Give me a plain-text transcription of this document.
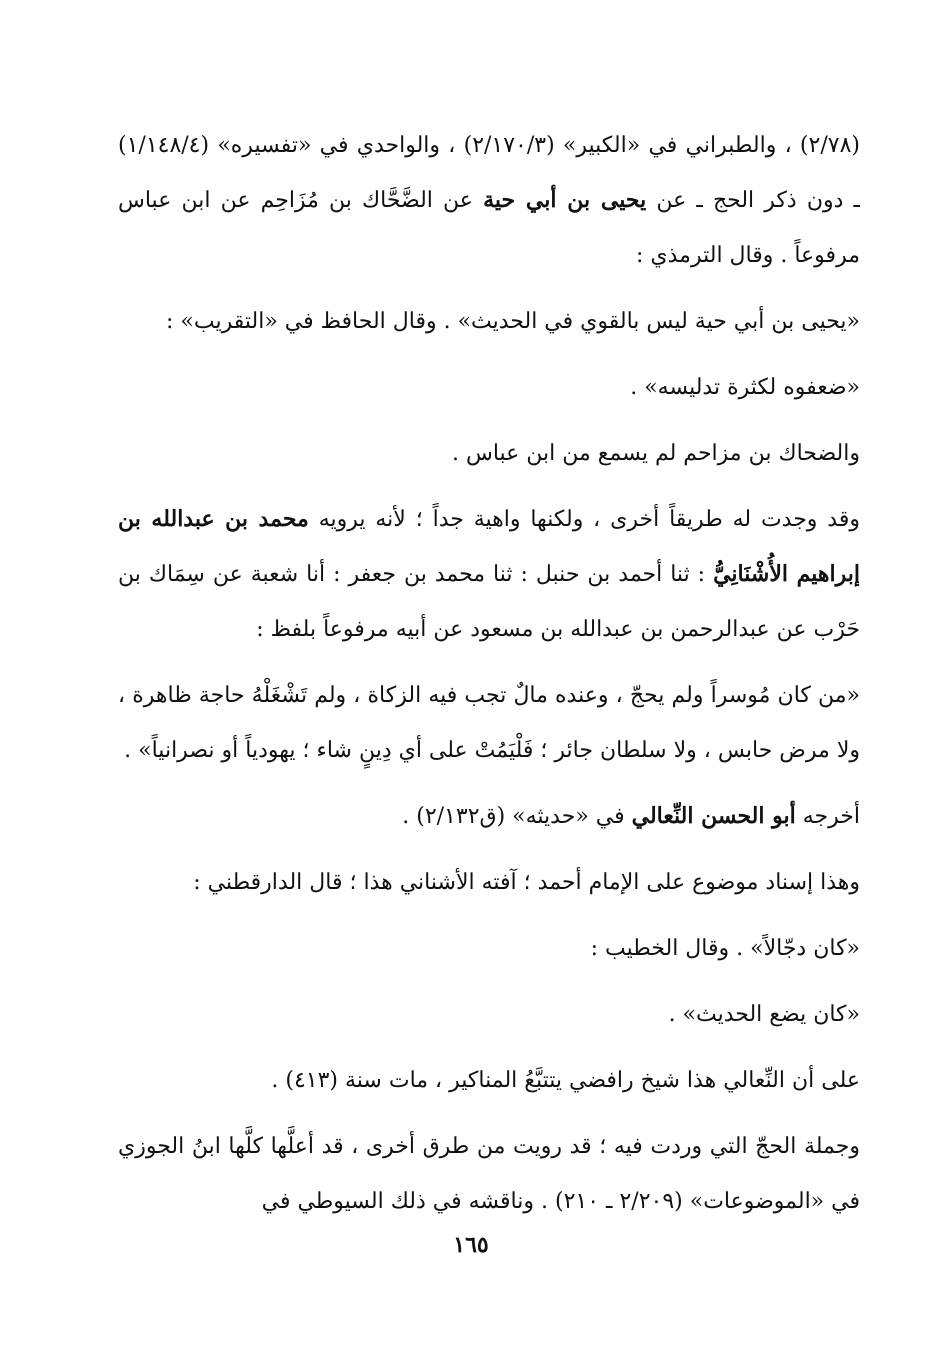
(٢/٧٨) ، والطبراني في «الكبير» (٢/١٧٠/٣) ، والواحدي في «تفسيره» (١/١٤٨/٤) ـ دون ذكر الحج ـ عن يحيى بن أبي حية عن الضَّحَّاك بن مُزَاحِم عن ابن عباس مرفوعاً . وقال الترمذي :

«يحيى بن أبي حية ليس بالقوي في الحديث» . وقال الحافظ في «التقريب» :

«ضعفوه لكثرة تدليسه» .

والضحاك بن مزاحم لم يسمع من ابن عباس .

وقد وجدت له طريقاً أخرى ، ولكنها واهية جداً ؛ لأنه يرويه محمد بن عبدالله بن إبراهيم الأُشْنَانِيُّ : ثنا أحمد بن حنبل : ثنا محمد بن جعفر : أنا شعبة عن سِمَاك بن حَرْب عن عبدالرحمن بن عبدالله بن مسعود عن أبيه مرفوعاً بلفظ :

«من كان مُوسراً ولم يحجّ ، وعنده مالٌ تجب فيه الزكاة ، ولم تَشْغَلْهُ حاجة ظاهرة ، ولا مرض حابس ، ولا سلطان جائر ؛ فَلْيَمُتْ على أي دِينٍ شاء ؛ يهودياً أو نصرانياً» .

أخرجه أبو الحسن النِّعالي في «حديثه» (ق٢/١٣٢) .

وهذا إسناد موضوع على الإمام أحمد ؛ آفته الأشناني هذا ؛ قال الدارقطني :

«كان دجّالاً» . وقال الخطيب :

«كان يضع الحديث» .

على أن النِّعالي هذا شيخ رافضي يتتبَّعُ المناكير ، مات سنة (٤١٣) .

وجملة الحجّ التي وردت فيه ؛ قد رويت من طرق أخرى ، قد أعلَّها كلَّها ابنُ الجوزي في «الموضوعات» (٢/٢٠٩ ـ ٢١٠) . وناقشه في ذلك السيوطي في

١٦٥
